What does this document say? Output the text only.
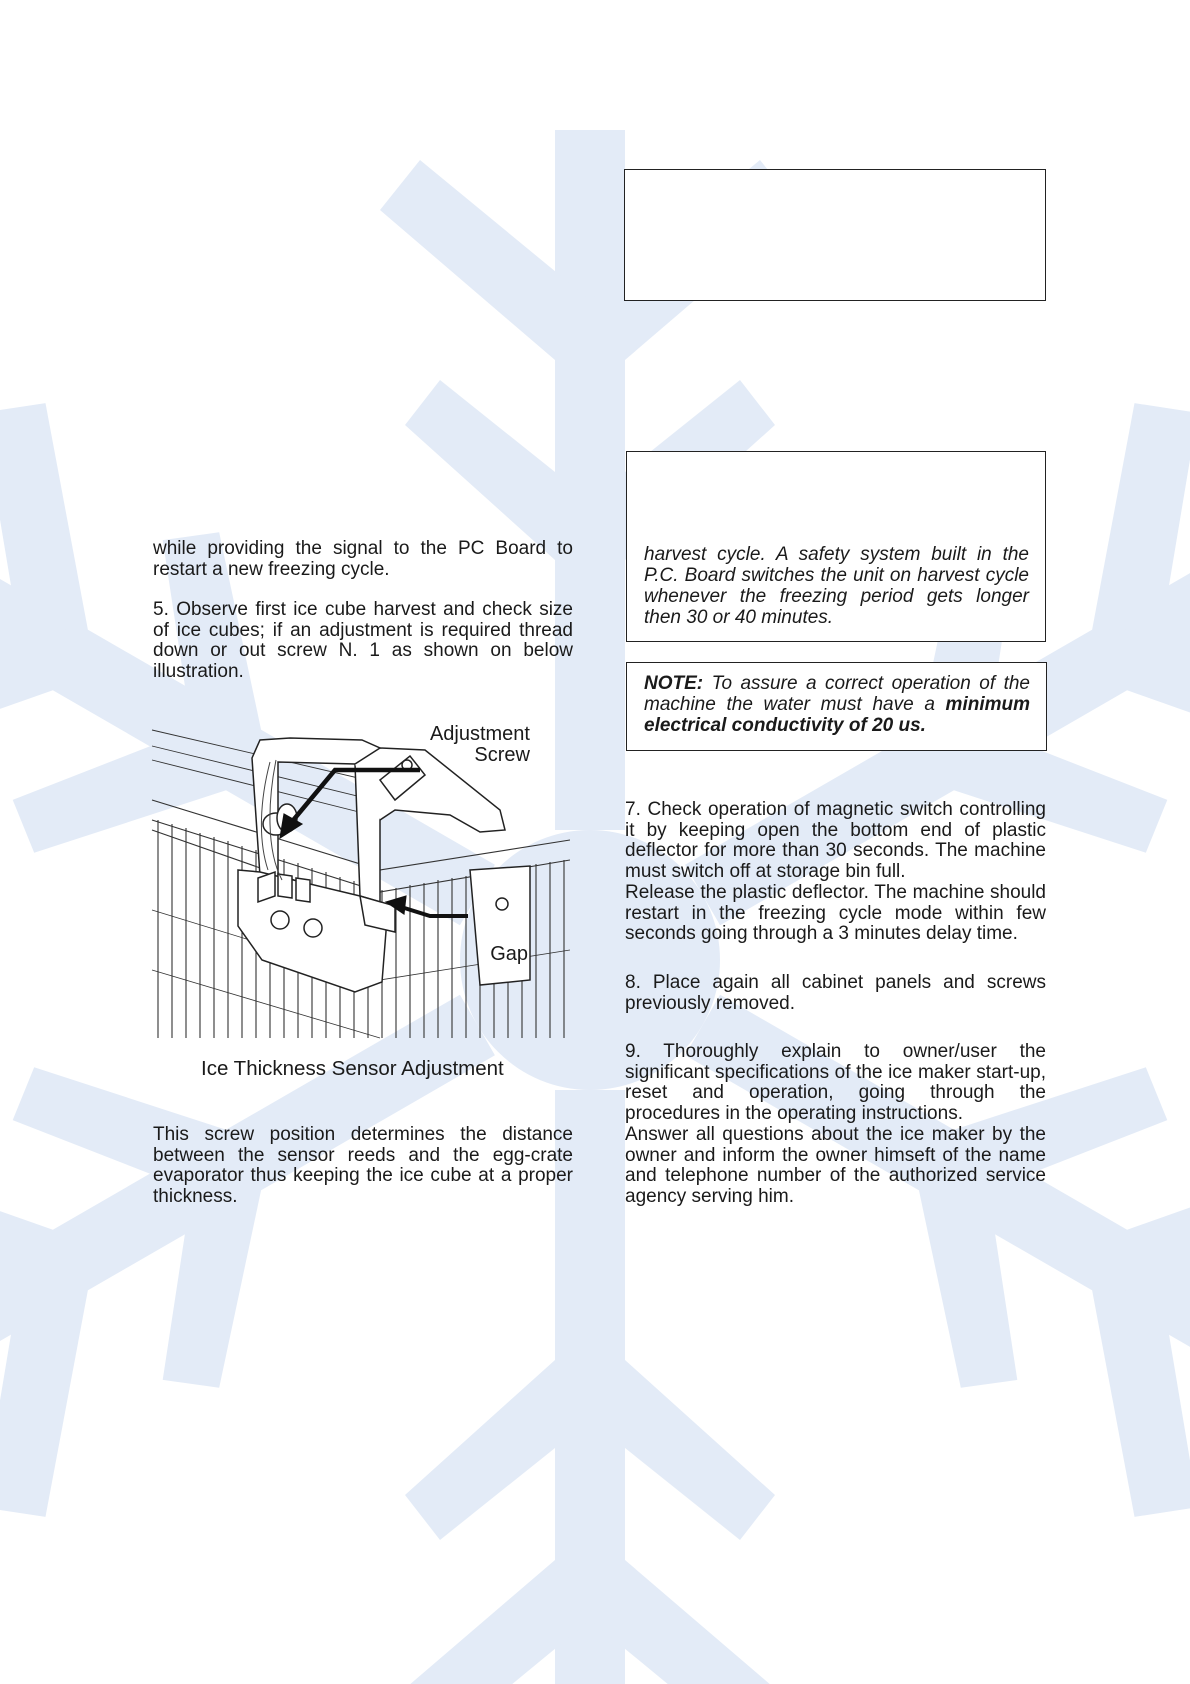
while providing the signal to the PC Board to restart a new freezing cycle.

5. Observe first ice cube harvest and check size of ice cubes; if an adjustment is required thread down or out screw N. 1 as shown on below illustration.

Adjustment

Screw

Gap

Ice Thickness Sensor Adjustment

This screw position determines the distance between the sensor reeds and the egg-crate evaporator thus keeping the ice cube at a proper thickness.

harvest cycle. A safety system built in the P.C. Board switches the unit on harvest cycle whenever the freezing period gets longer then 30 or 40 minutes.

NOTE: To assure a correct operation of the machine the water must have a minimum electrical conductivity of 20 us.

7. Check operation of magnetic switch controlling it by keeping open the bottom end of plastic deflector for more than 30 seconds. The machine must switch off at storage bin full.

Release the plastic deflector. The machine should restart in the freezing cycle mode within few seconds going through a 3 minutes delay time.

8. Place again all cabinet panels and screws previously removed.

9. Thoroughly explain to owner/user the significant specifications of the ice maker start-up, reset and operation, going through the procedures in the operating instructions.

Answer all questions about the ice maker by the owner and inform the owner himseft of the name and telephone number of the authorized service agency serving him.
